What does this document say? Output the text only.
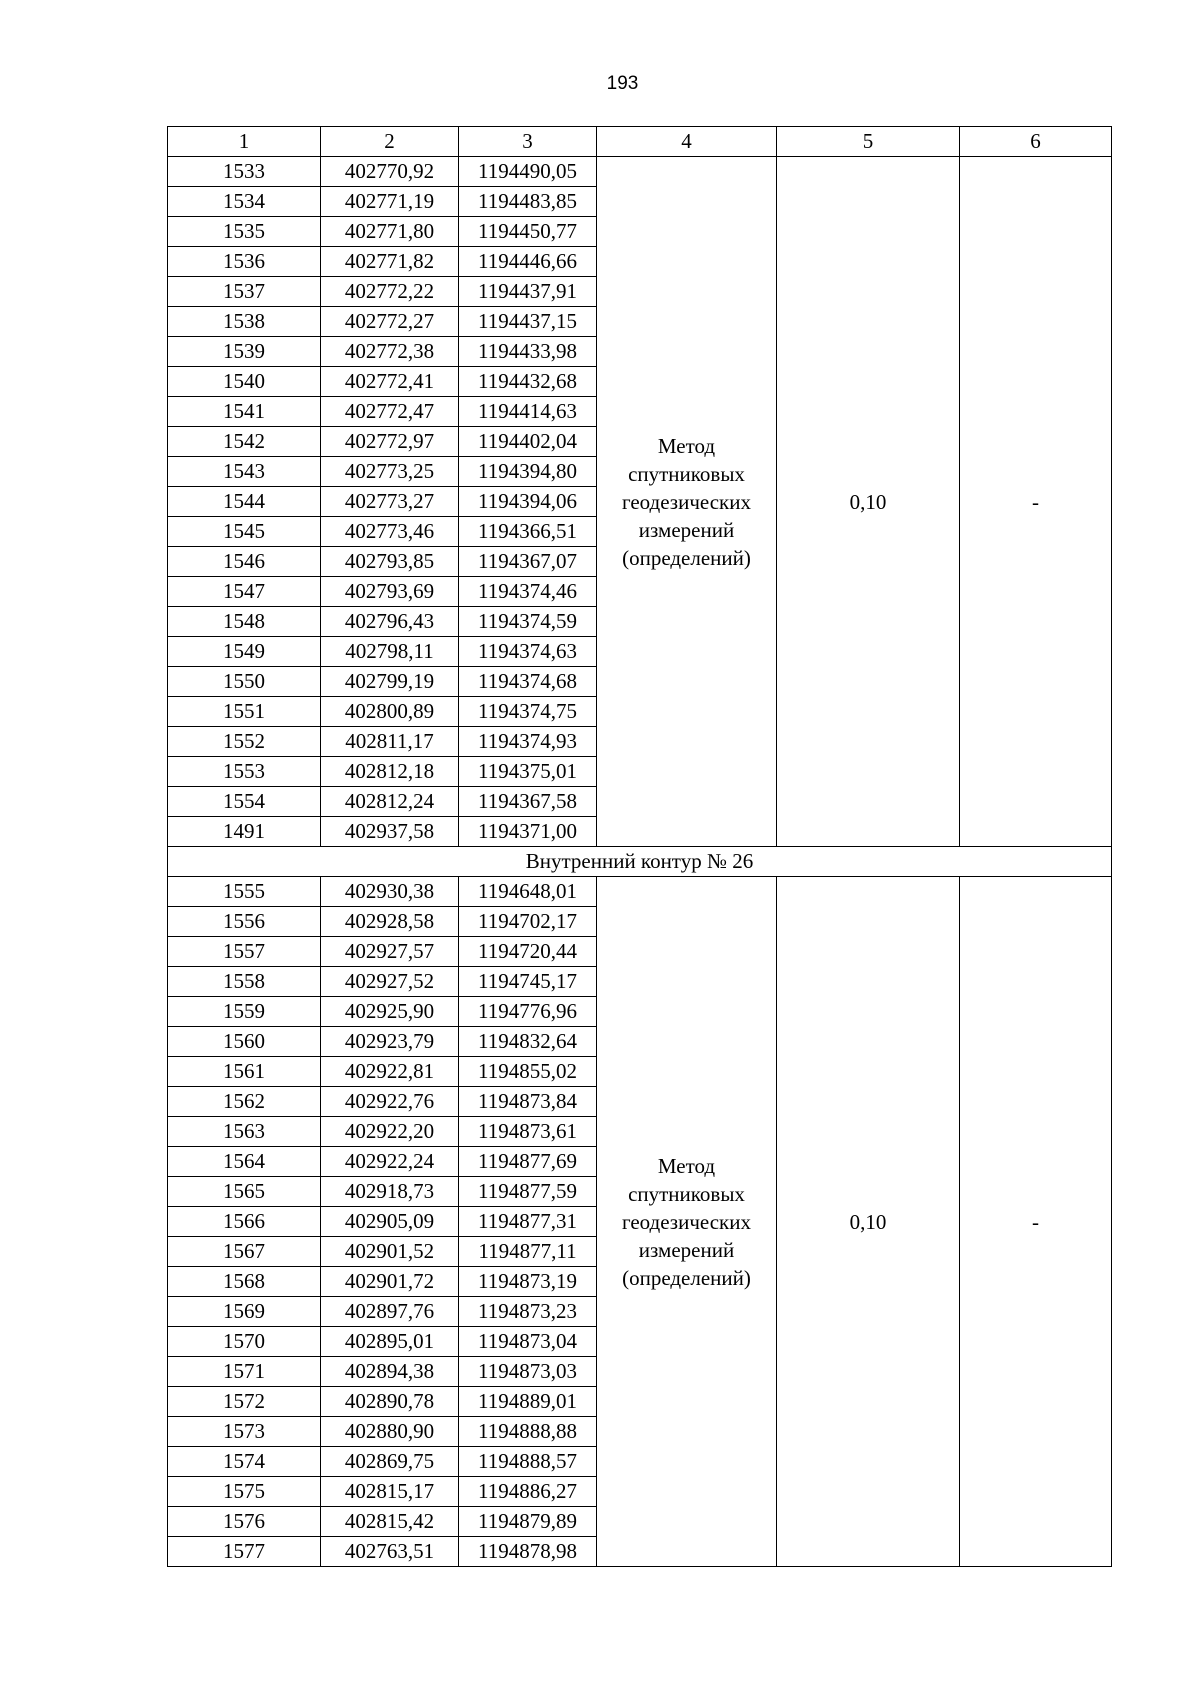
193
1	2	3	4	5	6
1533	402770,92	1194490,05	Метод спутниковых геодезических измерений (определений)	0,10	-
1534	402771,19	1194483,85			
1535	402771,80	1194450,77			
1536	402771,82	1194446,66			
1537	402772,22	1194437,91			
1538	402772,27	1194437,15			
1539	402772,38	1194433,98			
1540	402772,41	1194432,68			
1541	402772,47	1194414,63			
1542	402772,97	1194402,04			
1543	402773,25	1194394,80			
1544	402773,27	1194394,06			
1545	402773,46	1194366,51			
1546	402793,85	1194367,07			
1547	402793,69	1194374,46			
1548	402796,43	1194374,59			
1549	402798,11	1194374,63			
1550	402799,19	1194374,68			
1551	402800,89	1194374,75			
1552	402811,17	1194374,93			
1553	402812,18	1194375,01			
1554	402812,24	1194367,58			
1491	402937,58	1194371,00			
Внутренний контур № 26					
1555	402930,38	1194648,01	Метод спутниковых геодезических измерений (определений)	0,10	-
1556	402928,58	1194702,17			
1557	402927,57	1194720,44			
1558	402927,52	1194745,17			
1559	402925,90	1194776,96			
1560	402923,79	1194832,64			
1561	402922,81	1194855,02			
1562	402922,76	1194873,84			
1563	402922,20	1194873,61			
1564	402922,24	1194877,69			
1565	402918,73	1194877,59			
1566	402905,09	1194877,31			
1567	402901,52	1194877,11			
1568	402901,72	1194873,19			
1569	402897,76	1194873,23			
1570	402895,01	1194873,04			
1571	402894,38	1194873,03			
1572	402890,78	1194889,01			
1573	402880,90	1194888,88			
1574	402869,75	1194888,57			
1575	402815,17	1194886,27			
1576	402815,42	1194879,89			
1577	402763,51	1194878,98			
